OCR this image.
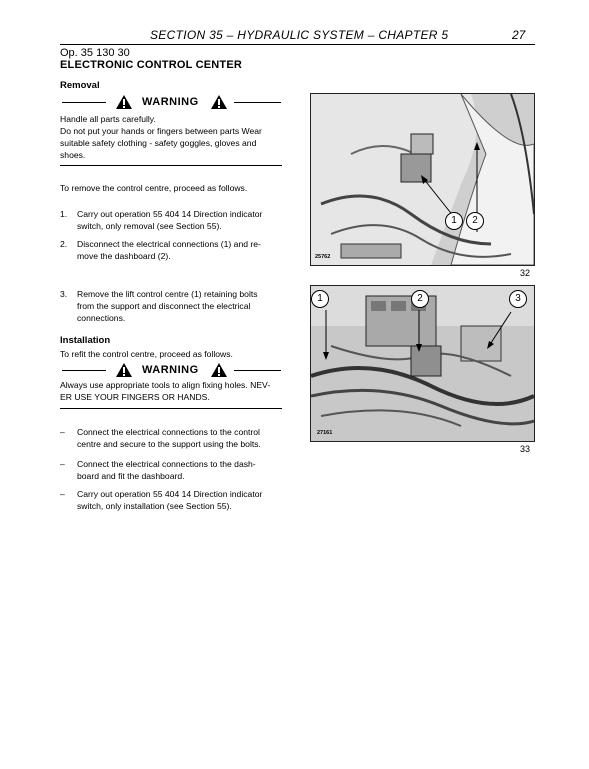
SECTION 35 – HYDRAULIC SYSTEM – CHAPTER 5	27
Op. 35 130 30
ELECTRONIC CONTROL CENTER
Removal
WARNING
Handle all parts carefully.
Do not put your hands or fingers between parts Wear
suitable safety clothing - safety goggles, gloves and
shoes.
To remove the control centre, proceed as follows.
1. Carry out operation 55 404 14 Direction indicator
switch, only removal (see Section 55).
2. Disconnect the electrical connections (1) and re-
move the dashboard (2).
3. Remove the lift control centre (1) retaining bolts
from the support and disconnect the electrical
connections.
Installation
To refit the control centre, proceed as follows.
WARNING
Always use appropriate tools to align fixing holes. NEV-
ER USE YOUR FINGERS OR HANDS.
– Connect the electrical connections to the control
centre and secure to the support using the bolts.
– Connect the electrical connections to the dash-
board and fit the dashboard.
– Carry out operation 55 404 14 Direction indicator
switch, only installation (see Section 55).
1	2
25762
32
1	2	3
27161
33
